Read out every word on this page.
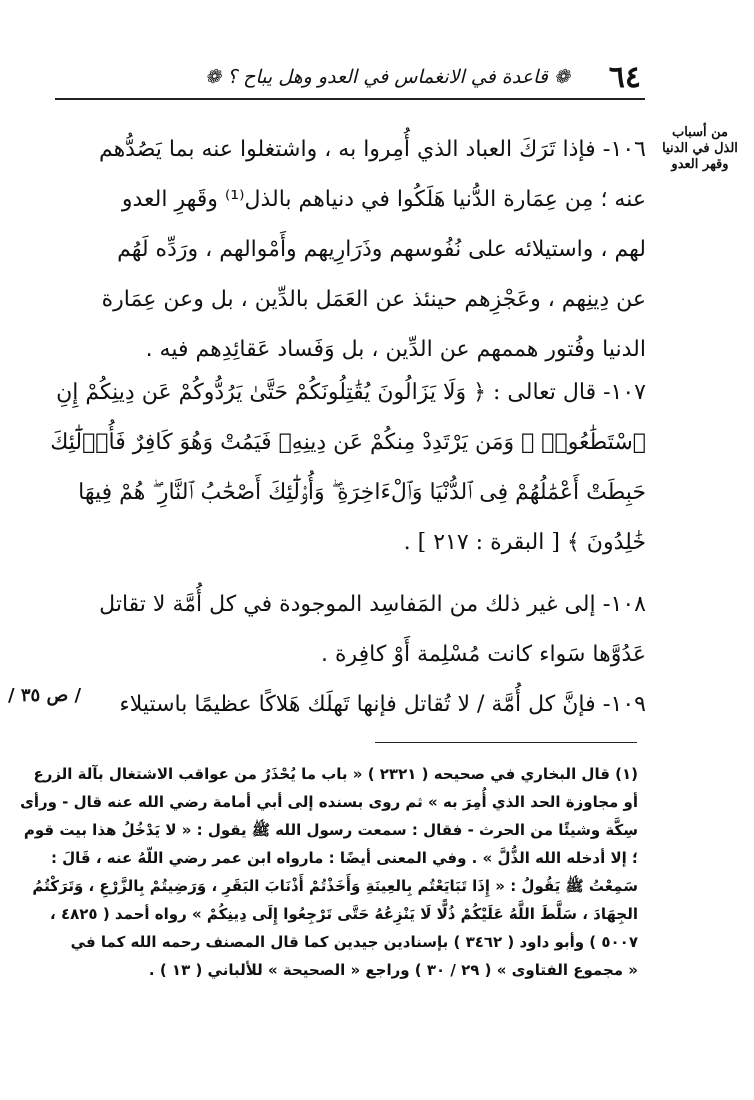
٦٤
❁ قاعدة في الانغماس في العدو وهل يباح ؟ ❁
من أسباب الذل في الدنيا وقهر العدو
١٠٦- فإذا تَرَكَ العباد الذي أُمِروا به ، واشتغلوا عنه بما يَصُدُّهم
عنه ؛ مِن عِمَارة الدُّنيا هَلَكُوا في دنياهم بالذل⁽¹⁾ وقَهرِ العدو
لهم ، واستيلائه على نُفُوسهم وذَرَارِيهم وأَمْوالهم ، ورَدِّه لَهُم
عن دِينِهم ، وعَجْزِهم حينئذ عن العَمَل بالدِّين ، بل وعن عِمَارة
الدنيا وفُتور هممهم عن الدِّين ، بل وَفَساد عَقائِدِهم فيه .
١٠٧- قال تعالى : ﴿ وَلَا يَزَالُونَ يُقَٰتِلُونَكُمْ حَتَّىٰ يَرُدُّوكُمْ عَن دِينِكُمْ إِنِ
ٱسْتَطَٰعُوا۟ ۚ وَمَن يَرْتَدِدْ مِنكُمْ عَن دِينِهِۦ فَيَمُتْ وَهُوَ كَافِرٌ فَأُو۟لَٰٓئِكَ
حَبِطَتْ أَعْمَٰلُهُمْ فِى ٱلدُّنْيَا وَٱلْءَاخِرَةِ ۖ وَأُو۟لَٰٓئِكَ أَصْحَٰبُ ٱلنَّارِ ۖ هُمْ فِيهَا
خَٰلِدُونَ ﴾ [ البقرة : ٢١٧ ] .
١٠٨- إلى غير ذلك من المَفاسِد الموجودة في كل أُمَّة لا تقاتل
عَدُوَّها سَواء كانت مُسْلِمة أَوْ كافِرة .
١٠٩- فإنَّ كل أُمَّة / لا تُقاتل فإنها تَهلَك هَلاكًا عظيمًا باستيلاء
/ ص ٣٥ /
(١) قال البخاري في صحيحه ( ٢٣٢١ ) « باب ما يُحْذَرُ من عواقب الاشتغال بآلة الزرع
أو مجاوزة الحد الذي أُمِرَ به » ثم روى بسنده إلى أبي أمامة رضي الله عنه قال - ورأى
سِكَّة وشيئًا من الحرث - فقال : سمعت رسول الله ﷺ يقول : « لا يَدْخُلُ هذا بيت قوم
؛ إلا أدخله الله الذُّلَّ » . وفي المعنى أيضًا : مارواه ابن عمر رضي اللّهُ عنه ، قَالَ :
سَمِعْتُ ﷺ يَقُولُ : « إِذَا تَبَايَعْتُم بِالعِينَةِ وَأَخَذْتُمْ أَذْنَابَ البَقَرِ ، وَرَضِيتُمْ بِالزَّرْعِ ، وَتَرَكْتُمُ
الجِهَادَ ، سَلَّطَ اللَّهُ عَلَيْكُمْ ذُلًّا لَا يَنْزِعُهُ حَتَّى تَرْجِعُوا إِلَى دِينِكُمْ » رواه أحمد ( ٤٨٢٥ ،
٥٠٠٧ ) وأبو داود ( ٣٤٦٢ ) بإسنادين جيدين كما قال المصنف رحمه الله كما في
« مجموع الفتاوى » ( ٢٩ / ٣٠ ) وراجع « الصحيحة » للألباني ( ١٣ ) .
